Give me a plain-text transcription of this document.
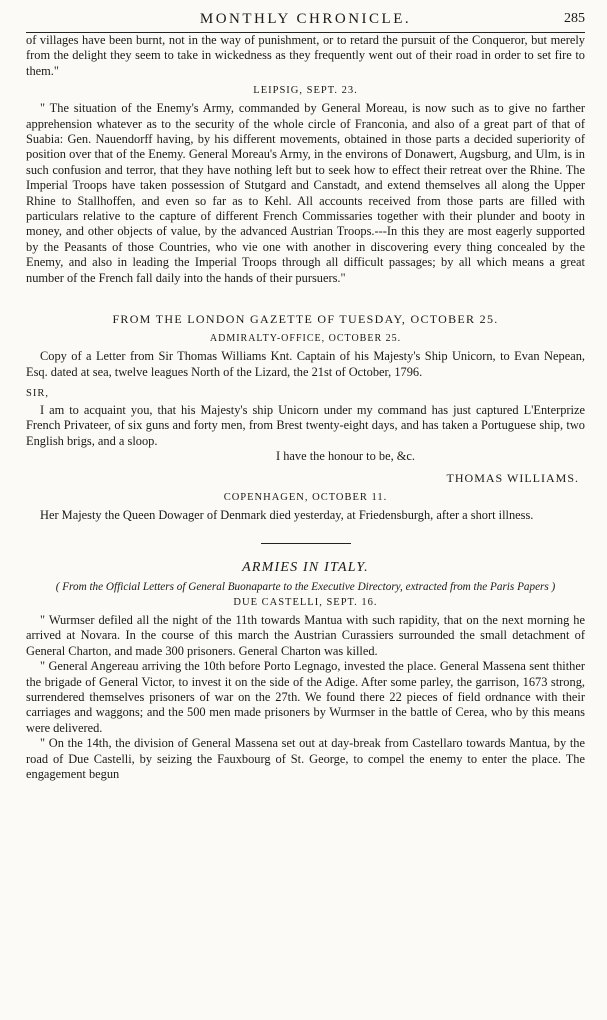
MONTHLY CHRONICLE.	285

of villages have been burnt, not in the way of punishment, or to retard the pursuit of the Conqueror, but merely from the delight they seem to take in wickedness as they frequently went out of their road in order to set fire to them."

LEIPSIG, SEPT. 23.

" The situation of the Enemy's Army, commanded by General Moreau, is now such as to give no farther apprehension whatever as to the security of the whole circle of Franconia, and also of a great part of that of Suabia: Gen. Nauendorff having, by his different movements, obtained in those parts a decided superiority of position over that of the Enemy. General Moreau's Army, in the environs of Donawert, Augsburg, and Ulm, is in such confusion and terror, that they have nothing left but to seek how to effect their retreat over the Rhine. The Imperial Troops have taken possession of Stutgard and Canstadt, and extend themselves all along the Upper Rhine to Stallhoffen, and even so far as to Kehl. All accounts received from those parts are filled with particulars relative to the capture of different French Commissaries together with their plunder and booty in money, and other objects of value, by the advanced Austrian Troops.---In this they are most eagerly supported by the Peasants of those Countries, who vie one with another in discovering every thing concealed by the Enemy, and also in leading the Imperial Troops through all difficult passages; by all which means a great number of the French fall daily into the hands of their pursuers."

FROM THE LONDON GAZETTE OF TUESDAY, OCTOBER 25.
ADMIRALTY-OFFICE, OCTOBER 25.

Copy of a Letter from Sir Thomas Williams Knt. Captain of his Majesty's Ship Unicorn, to Evan Nepean, Esq. dated at sea, twelve leagues North of the Lizard, the 21st of October, 1796.

SIR,

I am to acquaint you, that his Majesty's ship Unicorn under my command has just captured L'Enterprize French Privateer, of six guns and forty men, from Brest twenty-eight days, and has taken a Portuguese ship, two English brigs, and a sloop.

I have the honour to be, &c.

THOMAS WILLIAMS.
COPENHAGEN, OCTOBER 11.

Her Majesty the Queen Dowager of Denmark died yesterday, at Friedensburgh, after a short illness.

ARMIES IN ITALY.
( From the Official Letters of General Buonaparte to the Executive Directory, extracted from the Paris Papers )
DUE CASTELLI, SEPT. 16.

" Wurmser defiled all the night of the 11th towards Mantua with such rapidity, that on the next morning he arrived at Novara. In the course of this march the Austrian Curassiers surrounded the small detachment of General Charton, and made 300 prisoners. General Charton was killed.

" General Angereau arriving the 10th before Porto Legnago, invested the place. General Massena sent thither the brigade of General Victor, to invest it on the side of the Adige. After some parley, the garrison, 1673 strong, surrendered themselves prisoners of war on the 27th. We found there 22 pieces of field ordnance with their carriages and waggons; and the 500 men made prisoners by Wurmser in the battle of Cerea, who by this means were delivered.

" On the 14th, the division of General Massena set out at day-break from Castellaro towards Mantua, by the road of Due Castelli, by seizing the Fauxbourg of St. George, to compel the enemy to enter the place. The engagement begun
